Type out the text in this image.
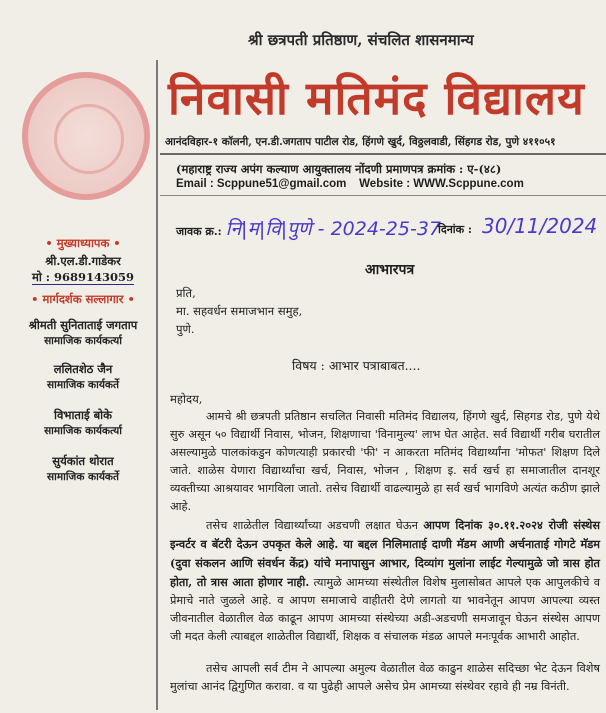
श्री छत्रपती प्रतिष्ठाण, संचलित शासनमान्य
निवासी मतिमंद विद्यालय
आनंदविहार-१ कॉलनी, एन.डी.जगताप पाटील रोड, हिंगणे खुर्द, विठ्ठलवाडी, सिंहगड रोड, पुणे ४११०५१
(महाराष्ट्र राज्य अपंग कल्याण आयुक्तालय नोंदणी प्रमाणपत्र क्रमांक : ए-(४८)
Email : Scppune51@gmail.com Website : WWW.Scppune.com
जावक क्र.: नि|म|वि|पुणे - 2024-25-37
दिनांक : 30/11/2024
• मुख्याध्यापक •
श्री.एल.डी.गाडेकर
मो : 9689143059
• मार्गदर्शक सल्लागार •
श्रीमती सुनिताताई जगताप
सामाजिक कार्यकर्त्या
ललितशेठ जैन
सामाजिक कार्यकर्ते
विभाताई बोके
सामाजिक कार्यकर्त्या
सुर्यकांत थोरात
सामाजिक कार्यकर्ते
आभारपत्र
प्रति,
मा. सहवर्धन समाजभान समुह,
पुणे.
विषय : आभार पत्राबाबत....
महोदय,
आमचे श्री छत्रपती प्रतिष्ठान सचलित निवासी मतिमंद विद्यालय, हिंगणे खुर्द, सिहगड रोड, पुणे येथे सुरु असून ५० विद्यार्थी निवास, भोजन, शिक्षणाचा 'विनामुल्य' लाभ घेत आहेत. सर्व विद्यार्थी गरीब घरातील असल्यामुळे पालकांकडुन कोणत्याही प्रकारची 'फी' न आकरता मतिमंद विद्यार्थ्यांना 'मोफत' शिक्षण दिले जाते. शाळेस येणारा विद्यार्थ्यांचा खर्च, निवास, भोजन , शिक्षण इ. सर्व खर्च हा समाजातील दानशूर व्यक्तीच्या आश्रयावर भागविला जातो. तसेच विद्यार्थी वाढल्यामुळे हा सर्व खर्च भागविणे अत्यंत कठीण झाले आहे.
तसेच शाळेतील विद्यार्थ्यांच्या अडचणी लक्षात घेऊन आपण दिनांक ३०.११.२०२४ रोजी संस्थेस इन्वर्टर व बॅटरी देऊन उपकृत केले आहे. या बद्दल निलिमाताई दाणी मॅडम आणी अर्चनाताई गोगटे मॅडम (दुवा संकलन आणि संवर्धन केंद्र) यांचे मनापासुन आभार, दिव्यांग मुलांना लाईट गेल्यामुळे जो त्रास होत होता, तो त्रास आता होणार नाही. त्यामुळे आमच्या संस्थेतील विशेष मुलासोबत आपले एक आपुलकीचे व प्रेमाचे नाते जुळले आहे. व आपण समाजाचे वाहीतरी देणे लागतो या भावनेतून आपण आपल्या व्यस्त जीवनातील वेळातील वेळ काढून आपण आमच्या संस्थेच्या अडी-अडचणी समजावून घेऊन संस्थेस आपण जी मदत केली त्याबद्दल शाळेतील विद्यार्थी, शिक्षक व संचालक मंडळ आपले मनःपूर्वक आभारी आहोत.
तसेच आपली सर्व टीम ने आपल्या अमुल्य वेळातील वेळ काढुन शाळेस सदिच्छा भेट देऊन विशेष मुलांचा आनंद द्विगुणित करावा. व या पुढेही आपले असेच प्रेम आमच्या संस्थेवर रहावे ही नम्र विनंती.
